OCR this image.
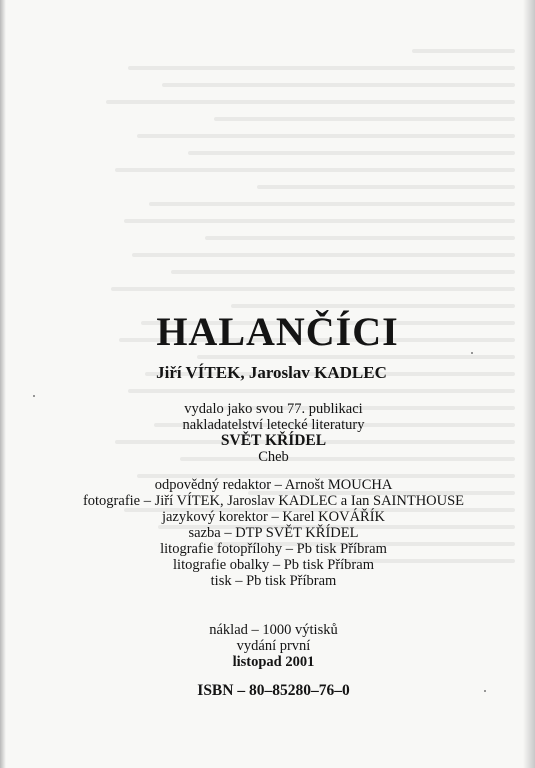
HALANČÍCI
Jiří VÍTEK, Jaroslav KADLEC
vydalo jako svou 77. publikaci
nakladatelství letecké literatury
SVĚT KŘÍDEL
Cheb
odpovědný redaktor – Arnošt MOUCHA
fotografie – Jiří VÍTEK, Jaroslav KADLEC a Ian SAINTHOUSE
jazykový korektor – Karel KOVÁŘÍK
sazba – DTP SVĚT KŘÍDEL
litografie fotopřílohy – Pb tisk Příbram
litografie obalky – Pb tisk Příbram
tisk – Pb tisk Příbram
náklad – 1000 výtisků
vydání první
listopad 2001
ISBN – 80–85280–76–0
